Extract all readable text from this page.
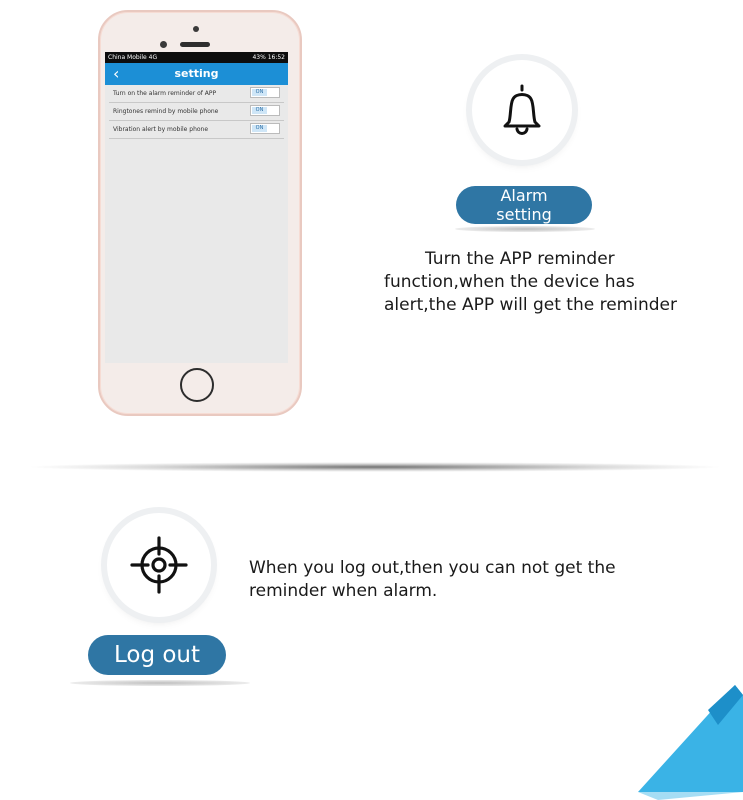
China Mobile 4G	43% 16:52
‹	setting
Turn on the alarm reminder of APP	ON
Ringtones remind by mobile phone	ON
Vibration alert by mobile phone	ON
Alarm
setting
Turn the APP reminder
function,when the device has
alert,the APP will get the reminder
Log out
When you log out,then you can not get the
reminder when alarm.
